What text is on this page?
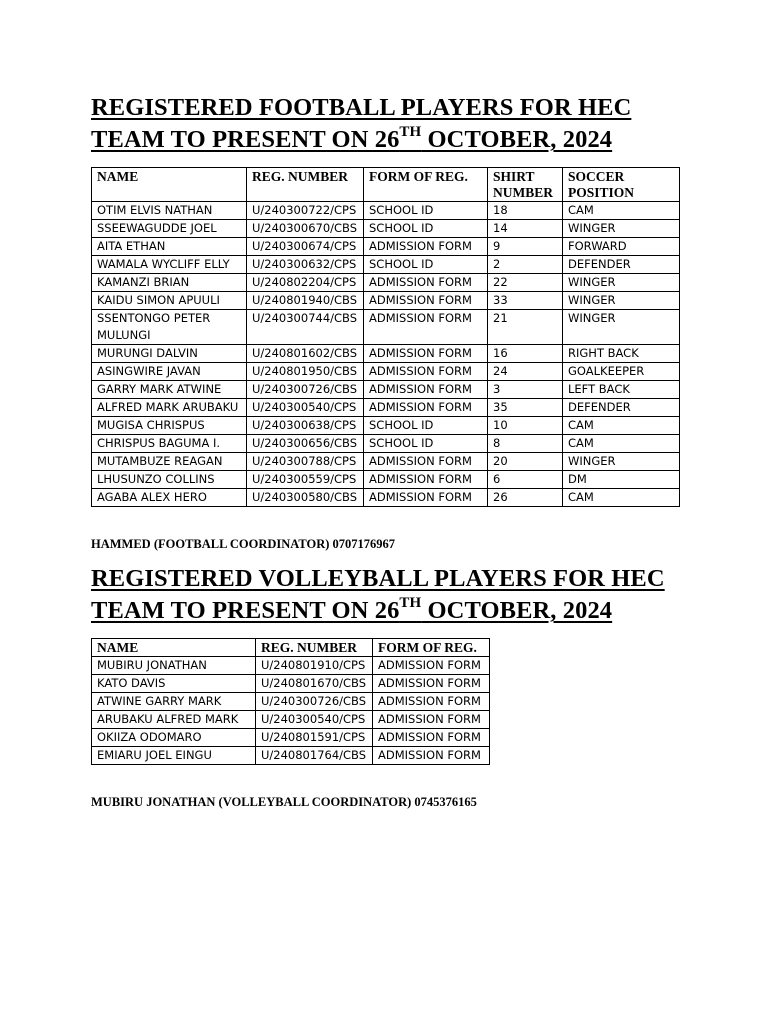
REGISTERED FOOTBALL PLAYERS FOR HEC
TEAM TO PRESENT ON 26TH OCTOBER, 2024
NAME	REG. NUMBER	FORM OF REG.	SHIRT NUMBER	SOCCER POSITION
OTIM ELVIS NATHAN	U/240300722/CPS	SCHOOL ID	18	CAM
SSEEWAGUDDE JOEL	U/240300670/CBS	SCHOOL ID	14	WINGER
AITA ETHAN	U/240300674/CPS	ADMISSION FORM	9	FORWARD
WAMALA WYCLIFF ELLY	U/240300632/CPS	SCHOOL ID	2	DEFENDER
KAMANZI BRIAN	U/240802204/CPS	ADMISSION FORM	22	WINGER
KAIDU SIMON APUULI	U/240801940/CBS	ADMISSION FORM	33	WINGER
SSENTONGO PETER MULUNGI	U/240300744/CBS	ADMISSION FORM	21	WINGER
MURUNGI DALVIN	U/240801602/CBS	ADMISSION FORM	16	RIGHT BACK
ASINGWIRE JAVAN	U/240801950/CBS	ADMISSION FORM	24	GOALKEEPER
GARRY MARK ATWINE	U/240300726/CBS	ADMISSION FORM	3	LEFT BACK
ALFRED MARK ARUBAKU	U/240300540/CPS	ADMISSION FORM	35	DEFENDER
MUGISA CHRISPUS	U/240300638/CPS	SCHOOL ID	10	CAM
CHRISPUS BAGUMA I.	U/240300656/CBS	SCHOOL ID	8	CAM
MUTAMBUZE REAGAN	U/240300788/CPS	ADMISSION FORM	20	WINGER
LHUSUNZO COLLINS	U/240300559/CPS	ADMISSION FORM	6	DM
AGABA ALEX HERO	U/240300580/CBS	ADMISSION FORM	26	CAM

HAMMED (FOOTBALL COORDINATOR) 0707176967

REGISTERED VOLLEYBALL PLAYERS FOR HEC
TEAM TO PRESENT ON 26TH OCTOBER, 2024
NAME	REG. NUMBER	FORM OF REG.
MUBIRU JONATHAN	U/240801910/CPS	ADMISSION FORM
KATO DAVIS	U/240801670/CBS	ADMISSION FORM
ATWINE GARRY MARK	U/240300726/CBS	ADMISSION FORM
ARUBAKU ALFRED MARK	U/240300540/CPS	ADMISSION FORM
OKIIZA ODOMARO	U/240801591/CPS	ADMISSION FORM
EMIARU JOEL EINGU	U/240801764/CBS	ADMISSION FORM

MUBIRU JONATHAN (VOLLEYBALL COORDINATOR) 0745376165
